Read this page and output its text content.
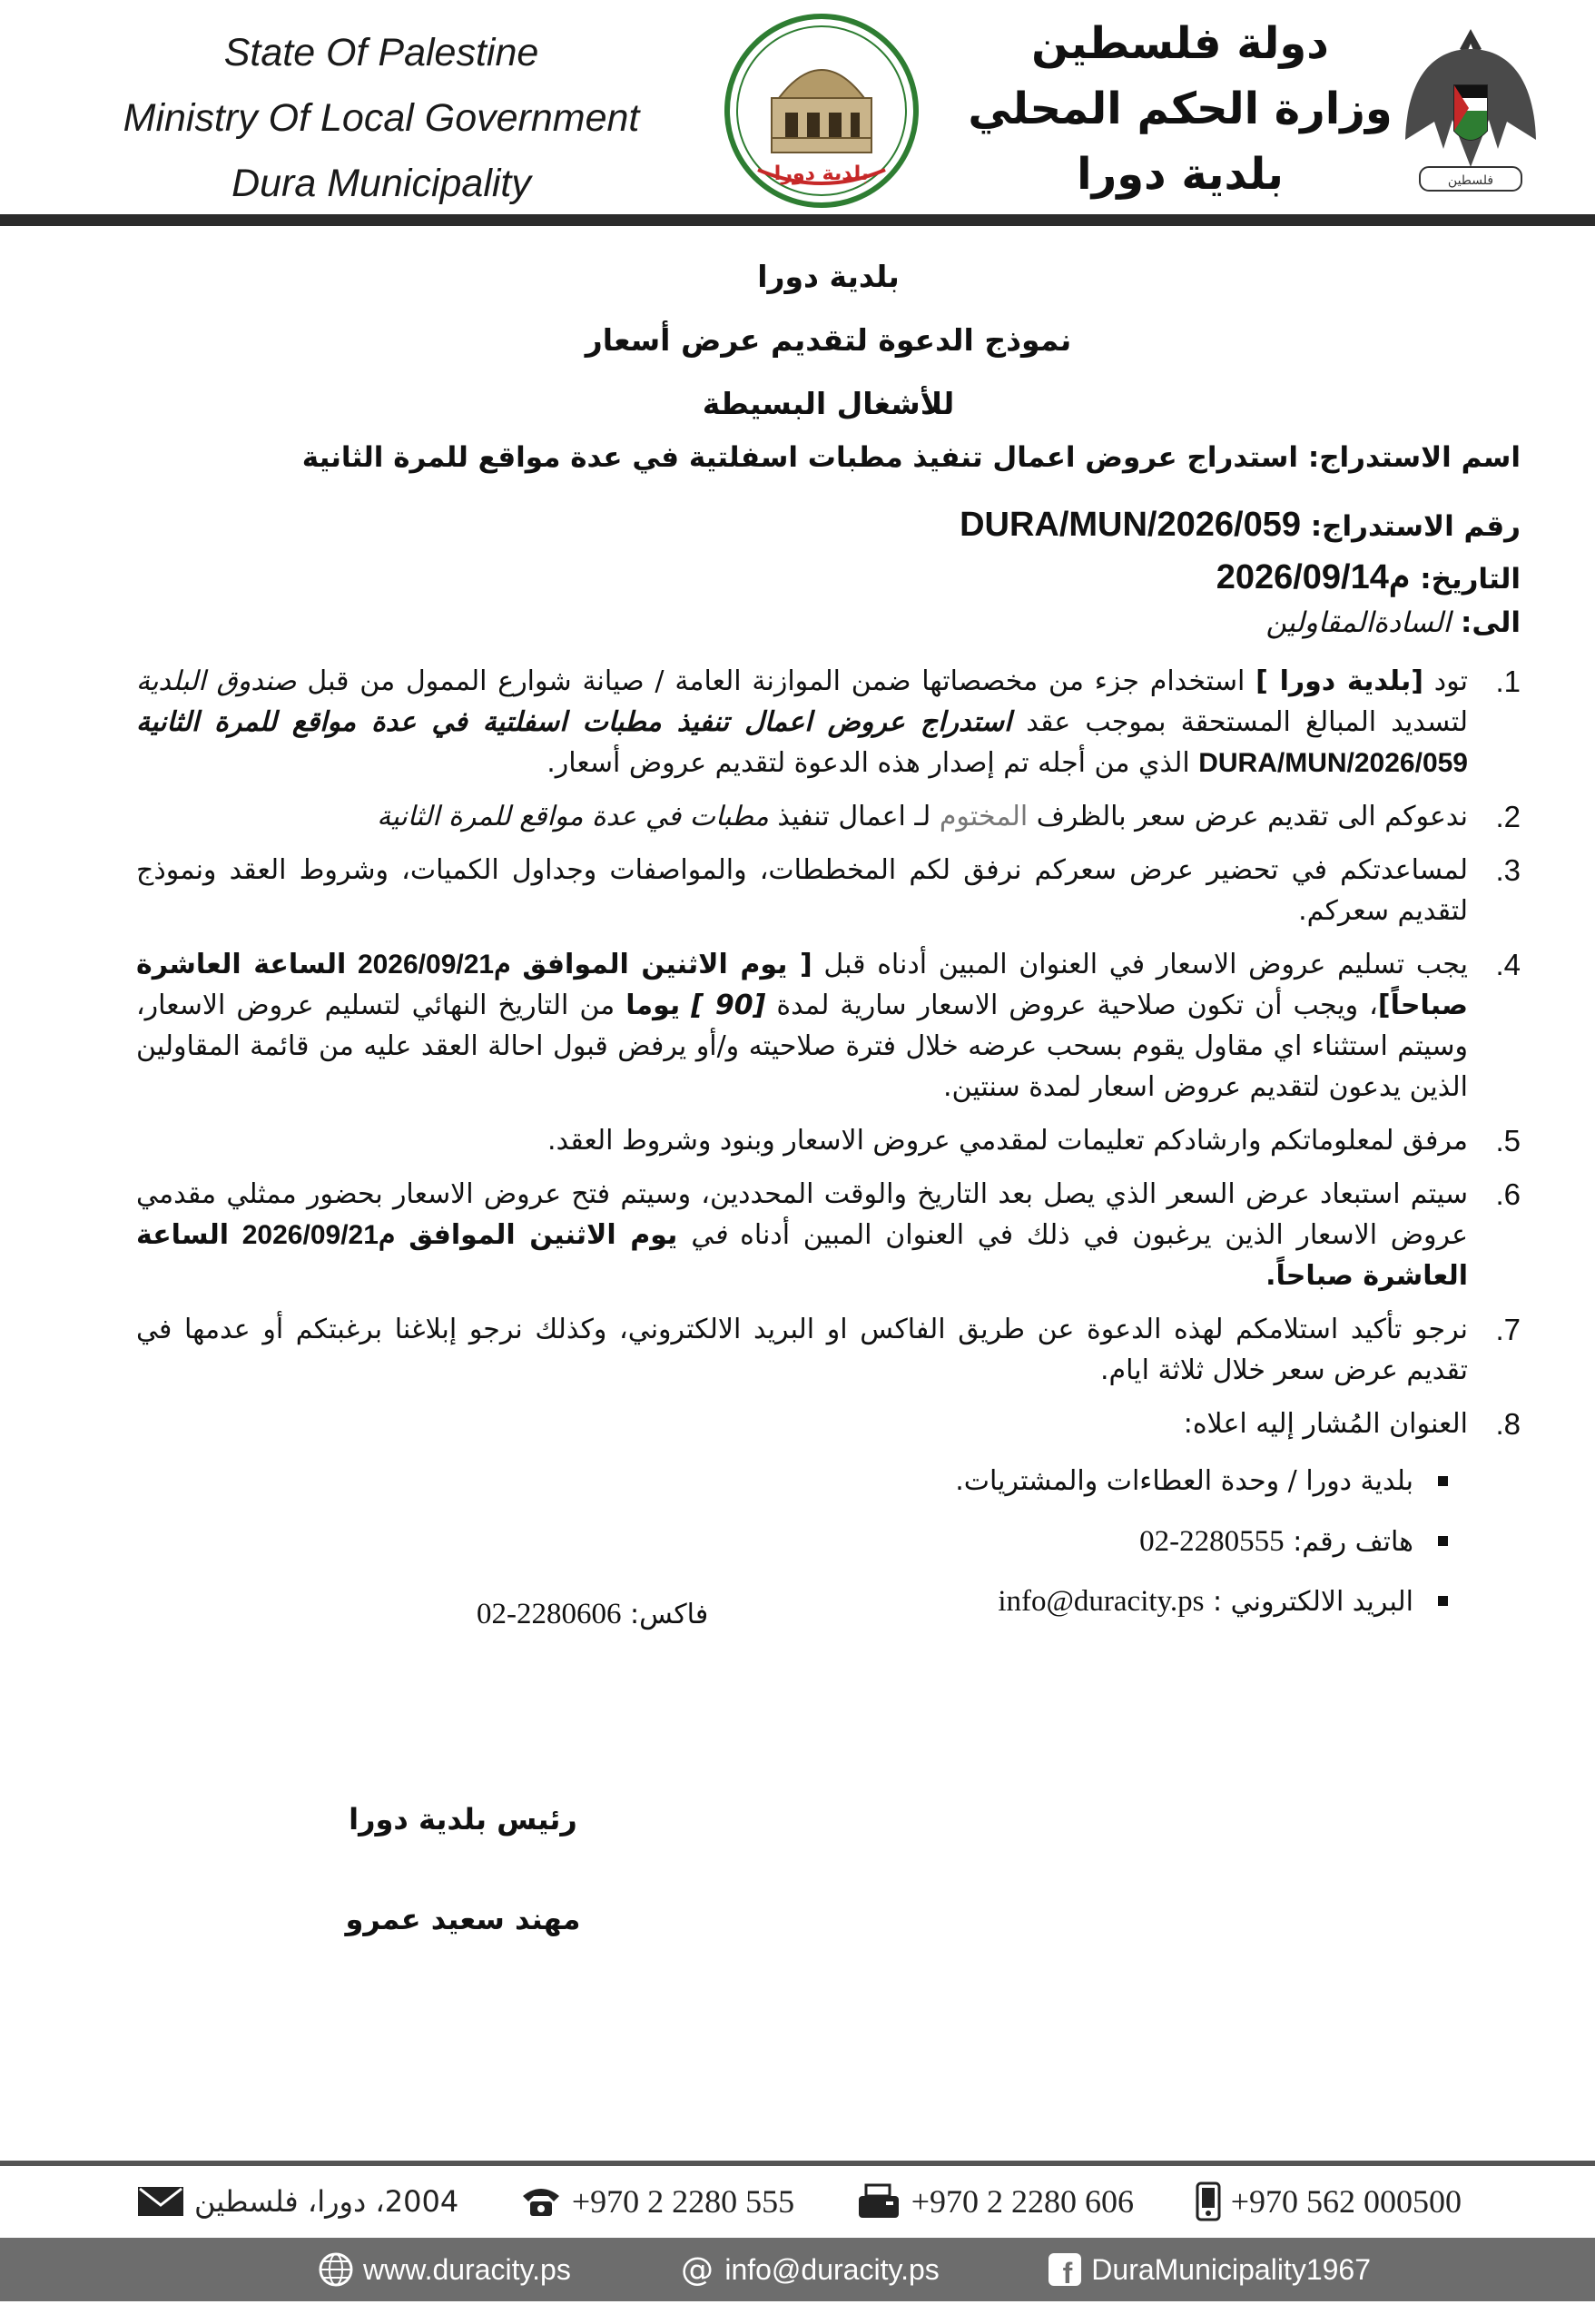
State Of Palestine
Ministry Of Local Government
Dura Municipality	بلدية دورا
دولة فلسطين
وزارة الحكم المحلي
بلدية دورا	فلسطين
بلدية دورا
نموذج الدعوة لتقديم عرض أسعار
للأشغال البسيطة
اسم الاستدراج: استدراج عروض اعمال تنفيذ مطبات اسفلتية في عدة مواقع للمرة الثانية
رقم الاستدراج: DURA/MUN/2026/059
التاريخ: 2026/09/14م
الى: السادةالمقاولين
1.
تود [بلدية دورا ] استخدام جزء من مخصصاتها ضمن الموازنة العامة / صيانة شوارع الممول من قبل صندوق البلدية لتسديد المبالغ المستحقة بموجب عقد استدراج عروض اعمال تنفيذ مطبات اسفلتية في عدة مواقع للمرة الثانية DURA/MUN/2026/059 الذي من أجله تم إصدار هذه الدعوة لتقديم عروض أسعار.
2.
ندعوكم الى تقديم عرض سعر بالظرف المختوم لـ اعمال تنفيذ مطبات في عدة مواقع للمرة الثانية
3.
لمساعدتكم في تحضير عرض سعركم نرفق لكم المخططات، والمواصفات وجداول الكميات، وشروط العقد ونموذج لتقديم سعركم.
4.
يجب تسليم عروض الاسعار في العنوان المبين أدناه قبل [ يوم الاثنين الموافق 2026/09/21م الساعة العاشرة صباحاً]، ويجب أن تكون صلاحية عروض الاسعار سارية لمدة [90 ] يوما من التاريخ النهائي لتسليم عروض الاسعار، وسيتم استثناء اي مقاول يقوم بسحب عرضه خلال فترة صلاحيته و/أو يرفض قبول احالة العقد عليه من قائمة المقاولين الذين يدعون لتقديم عروض اسعار لمدة سنتين.
5.
مرفق لمعلوماتكم وارشادكم تعليمات لمقدمي عروض الاسعار وبنود وشروط العقد.
6.
سيتم استبعاد عرض السعر الذي يصل بعد التاريخ والوقت المحددين، وسيتم فتح عروض الاسعار بحضور ممثلي مقدمي عروض الاسعار الذين يرغبون في ذلك في العنوان المبين أدناه في يوم الاثنين الموافق 2026/09/21م الساعة العاشرة صباحاً.
7.
نرجو تأكيد استلامكم لهذه الدعوة عن طريق الفاكس او البريد الالكتروني، وكذلك نرجو إبلاغنا برغبتكم أو عدمها في تقديم عرض سعر خلال ثلاثة ايام.
8.
العنوان المُشار إليه اعلاه:
بلدية دورا / وحدة العطاءات والمشتريات.
هاتف رقم: 02-2280555
البريد الالكتروني : info@duracity.ps
فاكس: 02-2280606
رئيس بلدية دورا
مهند سعيد عمرو
2004، دورا، فلسطين	+970 2 2280 555	+970 2 2280 606	+970 562 000500
www.duracity.ps	@ info@duracity.ps	f DuraMunicipality1967
